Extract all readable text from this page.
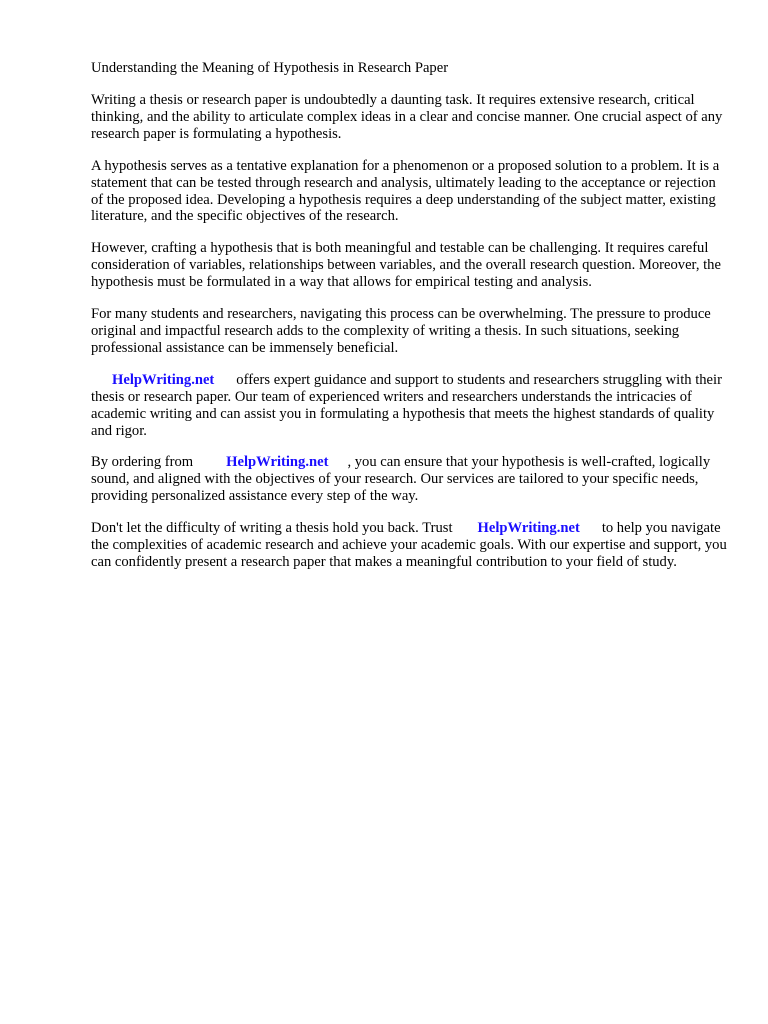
Understanding the Meaning of Hypothesis in Research Paper

Writing a thesis or research paper is undoubtedly a daunting task. It requires extensive research, critical thinking, and the ability to articulate complex ideas in a clear and concise manner. One crucial aspect of any research paper is formulating a hypothesis.

A hypothesis serves as a tentative explanation for a phenomenon or a proposed solution to a problem. It is a statement that can be tested through research and analysis, ultimately leading to the acceptance or rejection of the proposed idea. Developing a hypothesis requires a deep understanding of the subject matter, existing literature, and the specific objectives of the research.

However, crafting a hypothesis that is both meaningful and testable can be challenging. It requires careful consideration of variables, relationships between variables, and the overall research question. Moreover, the hypothesis must be formulated in a way that allows for empirical testing and analysis.

For many students and researchers, navigating this process can be overwhelming. The pressure to produce original and impactful research adds to the complexity of writing a thesis. In such situations, seeking professional assistance can be immensely beneficial.

HelpWriting.net offers expert guidance and support to students and researchers struggling with their thesis or research paper. Our team of experienced writers and researchers understands the intricacies of academic writing and can assist you in formulating a hypothesis that meets the highest standards of quality and rigor.

By ordering from HelpWriting.net , you can ensure that your hypothesis is well-crafted, logically sound, and aligned with the objectives of your research. Our services are tailored to your specific needs, providing personalized assistance every step of the way.

Don't let the difficulty of writing a thesis hold you back. Trust HelpWriting.net to help you navigate the complexities of academic research and achieve your academic goals. With our expertise and support, you can confidently present a research paper that makes a meaningful contribution to your field of study.
